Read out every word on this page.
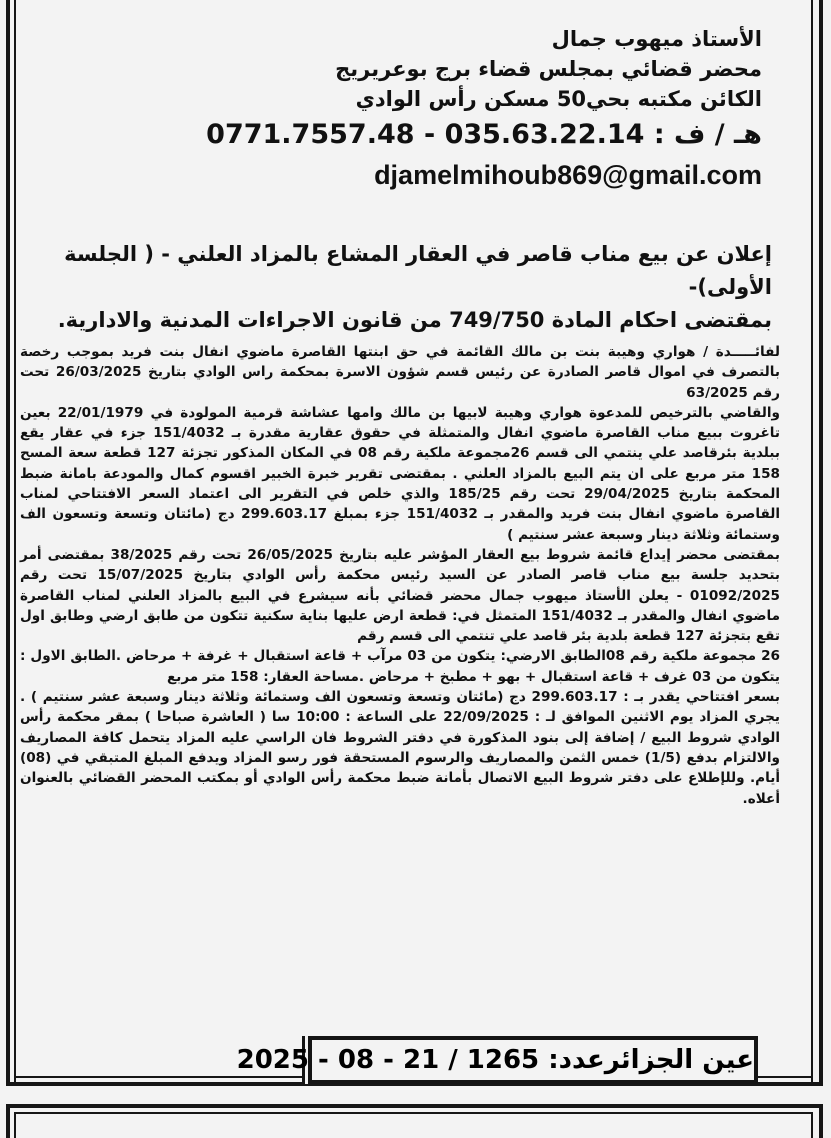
الأستاذ ميهوب جمال
محضر قضائي بمجلس قضاء برج بوعريريج
الكائن مكتبه بحي50 مسكن رأس الوادي
هـ / ف : 035.63.22.14 - 0771.7557.48
djamelmihoub869@gmail.com
إعلان عن بيع مناب قاصر في العقار المشاع بالمزاد العلني - ( الجلسة الأولى)-
بمقتضى احكام المادة 749/750 من قانون الاجراءات المدنية والادارية.

لفائـــــدة / هواري وهيبة بنت بن مالك القائمة في حق ابنتها القاصرة ماضوي انفال بنت فريد بموجب رخصة بالتصرف في اموال قاصر الصادرة عن رئيس قسم شؤون الاسرة بمحكمة راس الوادي بتاريخ 26/03/2025 تحت رقم 63/2025

والقاضي بالترخيص للمدعوة هواري وهيبة لابيها بن مالك وامها عشاشة قرمية المولودة في 22/01/1979 بعين تاغروت ببيع مناب القاصرة ماضوي انفال والمتمثلة في حقوق عقارية مقدرة بـ 151/4032 جزء في عقار يقع ببلدية بئرقاصد علي ينتمي الى قسم 26مجموعة ملكية رقم 08 في المكان المذكور تجزئة 127 قطعة سعة المسح 158 متر مربع على ان يتم البيع بالمزاد العلني . بمقتضى تقرير خبرة الخبير اقسوم كمال والمودعة بامانة ضبط المحكمة بتاريخ 29/04/2025 تحت رقم 185/25 والذي خلص في التقرير الى اعتماد السعر الافتتاحي لمناب القاصرة ماضوي انفال بنت فريد والمقدر بـ 151/4032 جزء بمبلغ 299.603.17 دج (مائتان وتسعة وتسعون الف وستمائة وثلاثة دينار وسبعة عشر سنتيم )

بمقتضى محضر إيداع قائمة شروط بيع العقار المؤشر عليه بتاريخ 26/05/2025 تحت رقم 38/2025 بمقتضى أمر بتحديد جلسة بيع مناب قاصر الصادر عن السيد رئيس محكمة رأس الوادي بتاريخ 15/07/2025 تحت رقم 01092/2025 - يعلن الأستاذ ميهوب جمال محضر قضائي بأنه سيشرع في البيع بالمزاد العلني لمناب القاصرة ماضوي انفال والمقدر بـ 151/4032 المتمثل في: قطعة ارض عليها بناية سكنية تتكون من طابق ارضي وطابق اول تقع بتجزئة 127 قطعة بلدية بئر قاصد علي تنتمي الى قسم رقم

26 مجموعة ملكية رقم 08الطابق الارضي: يتكون من 03 مرآب + قاعة استقبال + غرفة + مرحاض .الطابق الاول : يتكون من 03 غرف + قاعة استقبال + بهو + مطبخ + مرحاض .مساحة العقار: 158 متر مربع

بسعر افتتاحي يقدر بـ : 299.603.17 دج (مائتان وتسعة وتسعون الف وستمائة وثلاثة دينار وسبعة عشر سنتيم ) . يجري المزاد يوم الاثنين الموافق لـ : 22/09/2025 على الساعة : 10:00 سا ( العاشرة صباحا ) بمقر محكمة رأس الوادي شروط البيع / إضافة إلى بنود المذكورة في دفتر الشروط فان الراسي عليه المزاد يتحمل كافة المصاريف والالتزام بدفع (1/5) خمس الثمن والمصاريف والرسوم المستحقة فور رسو المزاد ويدفع المبلغ المتبقي في (08) أيام. وللإطلاع على دفتر شروط البيع الاتصال بأمانة ضبط محكمة رأس الوادي أو بمكتب المحضر القضائي بالعنوان أعلاه.

عين الجزائرعدد: 1265 / 21 - 08 - 2025
